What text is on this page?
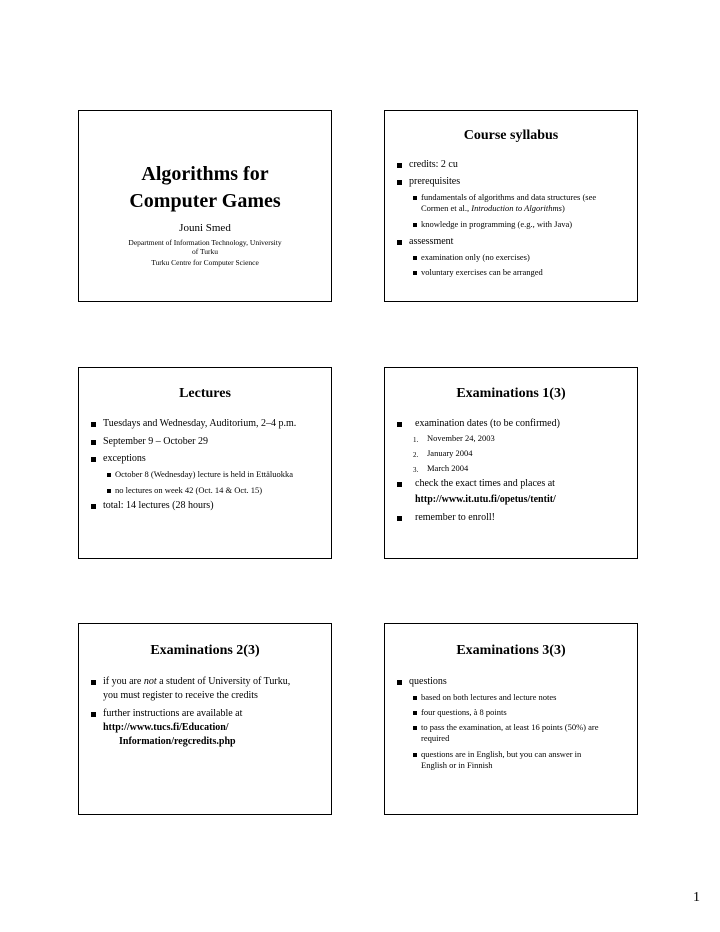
Algorithms for
Computer Games
Jouni Smed
Department of Information Technology, University
of Turku
Turku Centre for Computer Science
Course syllabus
credits: 2 cu
prerequisites
fundamentals of algorithms and data structures (see
Cormen et al., Introduction to Algorithms)
knowledge in programming (e.g., with Java)
assessment
examination only (no exercises)
voluntary exercises can be arranged
Lectures
Tuesdays and Wednesday, Auditorium, 2–4 p.m.
September 9 – October 29
exceptions
October 8 (Wednesday) lecture is held in Ettäluokka
no lectures on week 42 (Oct. 14 & Oct. 15)
total: 14 lectures (28 hours)
Examinations 1(3)
examination dates (to be confirmed)
1. November 24, 2003
2. January 2004
3. March 2004
check the exact times and places at
http://www.it.utu.fi/opetus/tentit/
remember to enroll!
Examinations 2(3)
if you are not a student of University of Turku,
you must register to receive the credits
further instructions are available at
http://www.tucs.fi/Education/
Information/regcredits.php
Examinations 3(3)
questions
based on both lectures and lecture notes
four questions, à 8 points
to pass the examination, at least 16 points (50%) are
required
questions are in English, but you can answer in
English or in Finnish
1
